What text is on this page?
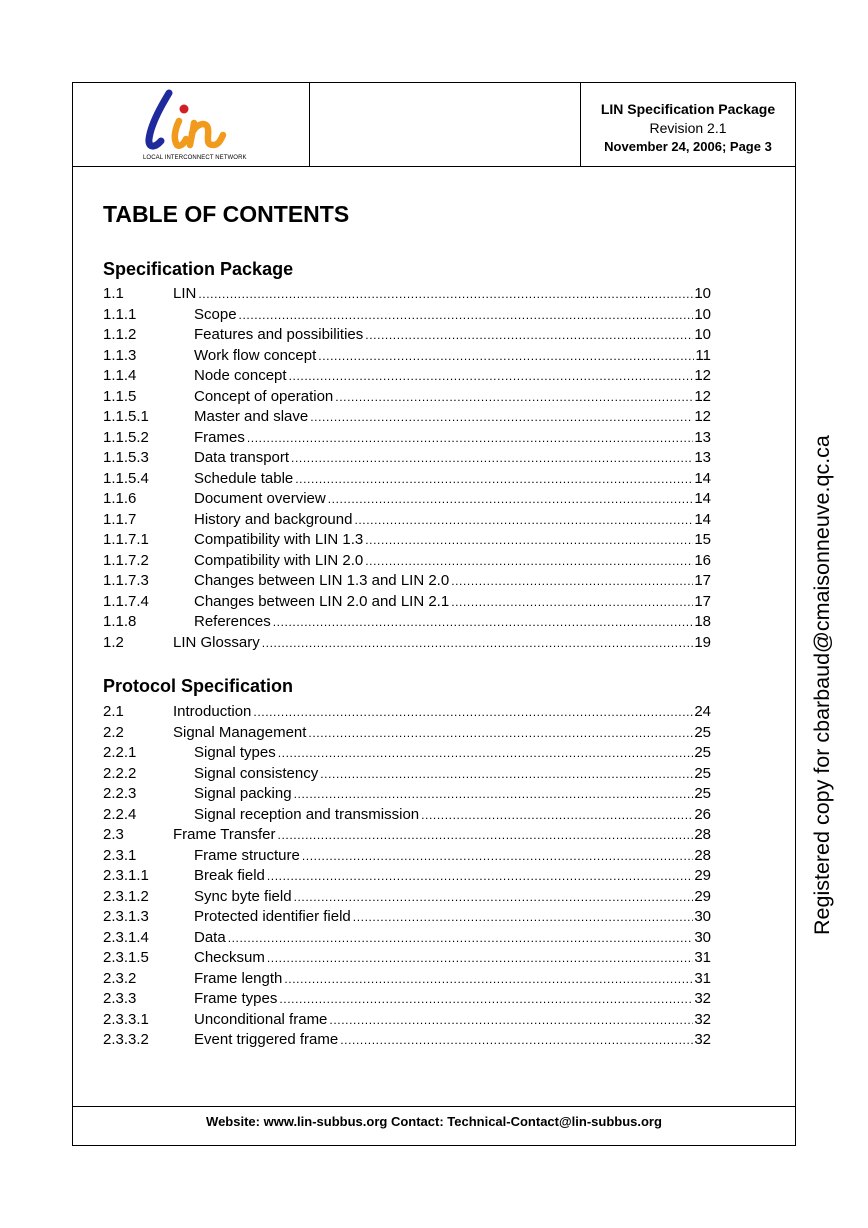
LOCAL INTERCONNECT NETWORK
LIN Specification Package
Revision 2.1
November 24, 2006; Page 3
TABLE OF CONTENTS
Specification Package
1.1	LIN .....	10
1.1.1	Scope .....	10
1.1.2	Features and possibilities .....	10
1.1.3	Work flow concept .....	11
1.1.4	Node concept .....	12
1.1.5	Concept of operation .....	12
1.1.5.1	Master and slave .....	12
1.1.5.2	Frames .....	13
1.1.5.3	Data transport .....	13
1.1.5.4	Schedule table .....	14
1.1.6	Document overview .....	14
1.1.7	History and background .....	14
1.1.7.1	Compatibility with LIN 1.3 .....	15
1.1.7.2	Compatibility with LIN 2.0 .....	16
1.1.7.3	Changes between LIN 1.3 and LIN 2.0 .....	17
1.1.7.4	Changes between LIN 2.0 and LIN 2.1 .....	17
1.1.8	References .....	18
1.2	LIN Glossary .....	19
Protocol Specification
2.1	Introduction .....	24
2.2	Signal Management .....	25
2.2.1	Signal types .....	25
2.2.2	Signal consistency .....	25
2.2.3	Signal packing .....	25
2.2.4	Signal reception and transmission .....	26
2.3	Frame Transfer .....	28
2.3.1	Frame structure .....	28
2.3.1.1	Break field .....	29
2.3.1.2	Sync byte field .....	29
2.3.1.3	Protected identifier field .....	30
2.3.1.4	Data .....	30
2.3.1.5	Checksum .....	31
2.3.2	Frame length .....	31
2.3.3	Frame types .....	32
2.3.3.1	Unconditional frame .....	32
2.3.3.2	Event triggered frame .....	32
Website: www.lin-subbus.org Contact: Technical-Contact@lin-subbus.org
Registered copy for cbarbaud@cmaisonneuve.qc.ca
